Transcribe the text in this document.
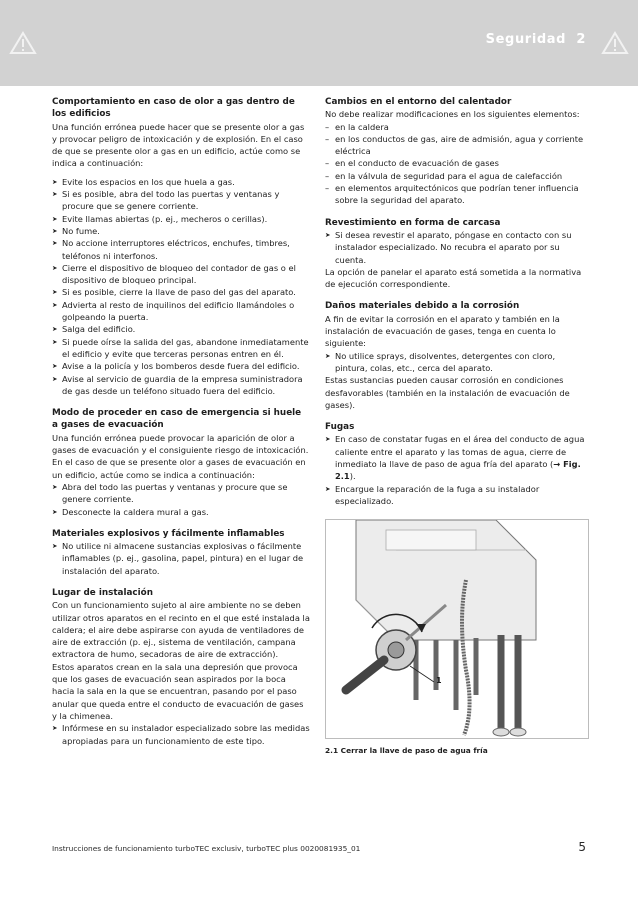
Seguridad 2
Comportamiento en caso de olor a gas dentro de los edificios

Una función errónea puede hacer que se presente olor a gas y provocar peligro de intoxicación y de explosión. En el caso de que se presente olor a gas en un edificio, actúe como se indica a continuación:

➤ Evite los espacios en los que huela a gas.
➤ Si es posible, abra del todo las puertas y ventanas y procure que se genere corriente.
➤ Evite llamas abiertas (p. ej., mecheros o cerillas).
➤ No fume.
➤ No accione interruptores eléctricos, enchufes, timbres, teléfonos ni interfonos.
➤ Cierre el dispositivo de bloqueo del contador de gas o el dispositivo de bloqueo principal.
➤ Si es posible, cierre la llave de paso del gas del aparato.
➤ Advierta al resto de inquilinos del edificio llamándoles o golpeando la puerta.
➤ Salga del edificio.
➤ Si puede oírse la salida del gas, abandone inmediatamente el edificio y evite que terceras personas entren en él.
➤ Avise a la policía y los bomberos desde fuera del edificio.
➤ Avise al servicio de guardia de la empresa suministradora de gas desde un teléfono situado fuera del edificio.
Modo de proceder en caso de emergencia si huele a gases de evacuación

Una función errónea puede provocar la aparición de olor a gases de evacuación y el consiguiente riesgo de intoxicación. En el caso de que se presente olor a gases de evacuación en un edificio, actúe como se indica a continuación:

➤ Abra del todo las puertas y ventanas y procure que se genere corriente.
➤ Desconecte la caldera mural a gas.
Materiales explosivos y fácilmente inflamables
➤ No utilice ni almacene sustancias explosivas o fácilmente inflamables (p. ej., gasolina, papel, pintura) en el lugar de instalación del aparato.
Lugar de instalación

Con un funcionamiento sujeto al aire ambiente no se deben utilizar otros aparatos en el recinto en el que esté instalada la caldera; el aire debe aspirarse con ayuda de ventiladores de aire de extracción (p. ej., sistema de ventilación, campana extractora de humo, secadoras de aire de extracción).

Estos aparatos crean en la sala una depresión que provoca que los gases de evacuación sean aspirados por la boca hacia la sala en la que se encuentran, pasando por el paso anular que queda entre el conducto de evacuación de gases y la chimenea.

➤ Infórmese en su instalador especializado sobre las medidas apropiadas para un funcionamiento de este tipo.
Cambios en el entorno del calentador

No debe realizar modificaciones en los siguientes elementos:

– en la caldera
– en los conductos de gas, aire de admisión, agua y corriente eléctrica
– en el conducto de evacuación de gases
– en la válvula de seguridad para el agua de calefacción
– en elementos arquitectónicos que podrían tener influencia sobre la seguridad del aparato.
Revestimiento en forma de carcasa
➤ Si desea revestir el aparato, póngase en contacto con su instalador especializado. No recubra el aparato por su cuenta.

La opción de panelar el aparato está sometida a la normativa de ejecución correspondiente.

Daños materiales debido a la corrosión

A fin de evitar la corrosión en el aparato y también en la instalación de evacuación de gases, tenga en cuenta lo siguiente:

➤ No utilice sprays, disolventes, detergentes con cloro, pintura, colas, etc., cerca del aparato.

Estas sustancias pueden causar corrosión en condiciones desfavorables (también en la instalación de evacuación de gases).

Fugas
➤ En caso de constatar fugas en el área del conducto de agua caliente entre el aparato y las tomas de agua, cierre de inmediato la llave de paso de agua fría del aparato (→ Fig. 2.1).
➤ Encargue la reparación de la fuga a su instalador especializado.
1
2.1 Cerrar la llave de paso de agua fría
Instrucciones de funcionamiento turboTEC exclusiv, turboTEC plus 0020081935_01	5
